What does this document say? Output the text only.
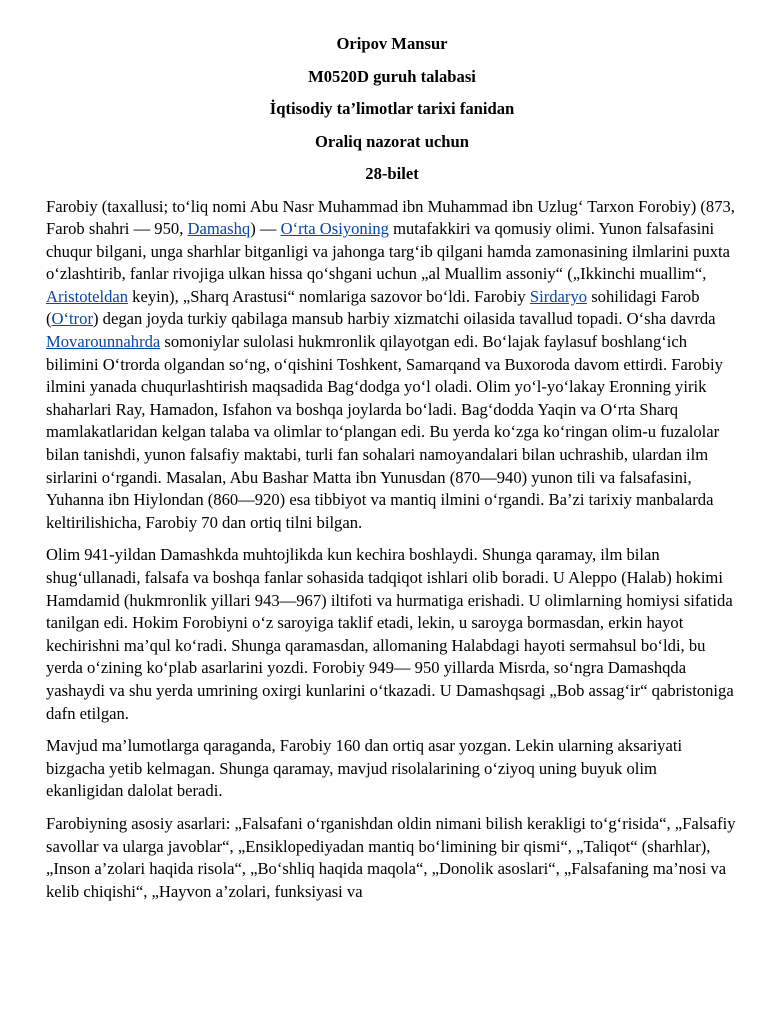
Oripov Mansur
M0520D guruh talabasi
İqtisodiy ta’limotlar tarixi fanidan
Oraliq nazorat uchun
28-bilet

Farobiy (taxallusi; to‘liq nomi Abu Nasr Muhammad ibn Muhammad ibn Uzlug‘ Tarxon Forobiy) (873, Farob shahri — 950, Damashq) — O‘rta Osiyoning mutafakkiri va qomusiy olimi. Yunon falsafasini chuqur bilgani, unga sharhlar bitganligi va jahonga targ‘ib qilgani hamda zamonasining ilmlarini puxta o‘zlashtirib, fanlar rivojiga ulkan hissa qo‘shgani uchun „al Muallim assoniy“ („Ikkinchi muallim“, Aristoteldan keyin), „Sharq Arastusi“ nomlariga sazovor bo‘ldi. Farobiy Sirdaryo sohilidagi Farob (O‘tror) degan joyda turkiy qabilaga mansub harbiy xizmatchi oilasida tavallud topadi. O‘sha davrda Movarounnahrda somoniylar sulolasi hukmronlik qilayotgan edi. Bo‘lajak faylasuf boshlang‘ich bilimini O‘trorda olgandan so‘ng, o‘qishini Toshkent, Samarqand va Buxoroda davom ettirdi. Farobiy ilmini yanada chuqurlashtirish maqsadida Bag‘dodga yo‘l oladi. Olim yo‘l-yo‘lakay Eronning yirik shaharlari Ray, Hamadon, Isfahon va boshqa joylarda bo‘ladi. Bag‘dodda Yaqin va O‘rta Sharq mamlakatlaridan kelgan talaba va olimlar to‘plangan edi. Bu yerda ko‘zga ko‘ringan olim-u fuzalolar bilan tanishdi, yunon falsafiy maktabi, turli fan sohalari namoyandalari bilan uchrashib, ulardan ilm sirlarini o‘rgandi. Masalan, Abu Bashar Matta ibn Yunusdan (870—940) yunon tili va falsafasini, Yuhanna ibn Hiylondan (860—920) esa tibbiyot va mantiq ilmini o‘rgandi. Ba’zi tarixiy manbalarda keltirilishicha, Farobiy 70 dan ortiq tilni bilgan.

Olim 941-yildan Damashkda muhtojlikda kun kechira boshlaydi. Shunga qaramay, ilm bilan shug‘ullanadi, falsafa va boshqa fanlar sohasida tadqiqot ishlari olib boradi. U Aleppo (Halab) hokimi Hamdamid (hukmronlik yillari 943—967) iltifoti va hurmatiga erishadi. U olimlarning homiysi sifatida tanilgan edi. Hokim Forobiyni o‘z saroyiga taklif etadi, lekin, u saroyga bormasdan, erkin hayot kechirishni ma’qul ko‘radi. Shunga qaramasdan, allomaning Halabdagi hayoti sermahsul bo‘ldi, bu yerda o‘zining ko‘plab asarlarini yozdi. Forobiy 949— 950 yillarda Misrda, so‘ngra Damashqda yashaydi va shu yerda umrining oxirgi kunlarini o‘tkazadi. U Damashqsagi „Bob assag‘ir“ qabristoniga dafn etilgan.

Mavjud ma’lumotlarga qaraganda, Farobiy 160 dan ortiq asar yozgan. Lekin ularning aksariyati bizgacha yetib kelmagan. Shunga qaramay, mavjud risolalarining o‘ziyoq uning buyuk olim ekanligidan dalolat beradi.

Farobiyning asosiy asarlari: „Falsafani o‘rganishdan oldin nimani bilish kerakligi to‘g‘risida“, „Falsafiy savollar va ularga javoblar“, „Ensiklopediyadan mantiq bo‘limining bir qismi“, „Taliqot“ (sharhlar), „Inson a’zolari haqida risola“, „Bo‘shliq haqida maqola“, „Donolik asoslari“, „Falsafaning ma’nosi va kelib chiqishi“, „Hayvon a’zolari, funksiyasi va
